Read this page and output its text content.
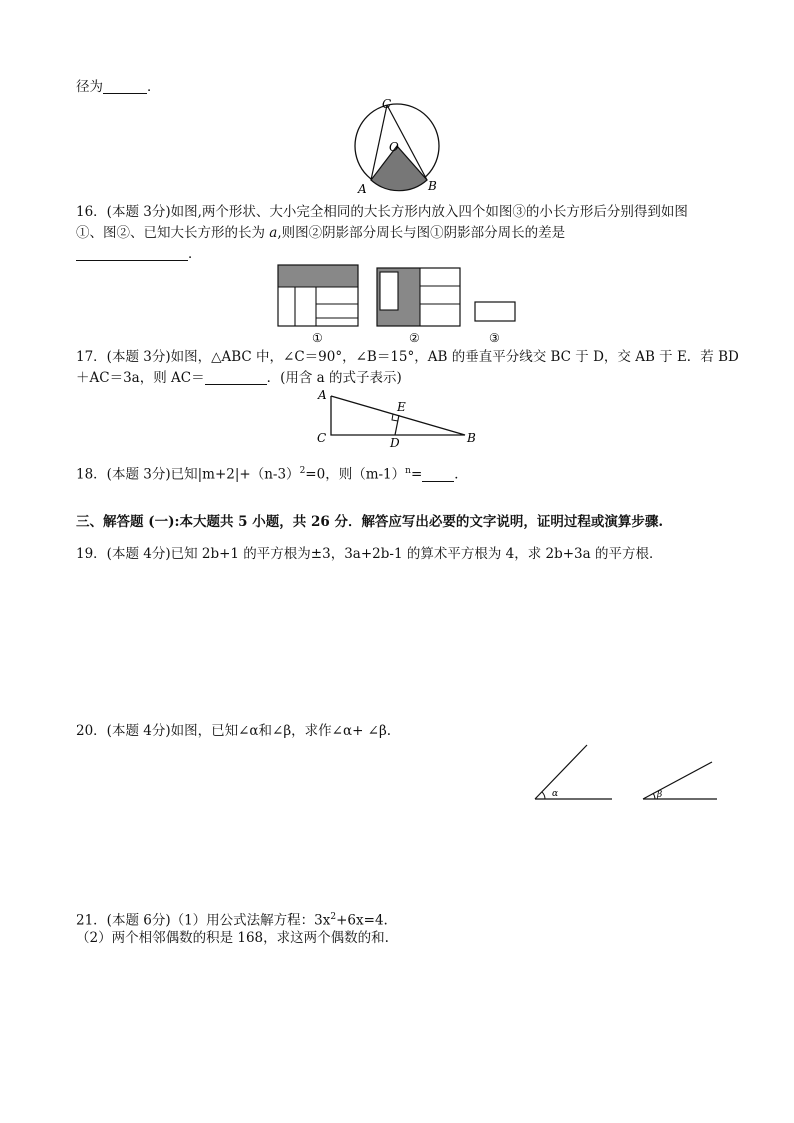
径为	．
C
O
A	B
16．(本题 3分)如图,两个形状、大小完全相同的大长方形内放入四个如图③的小长方形后分别得到如图
①、图②、已知大长方形的长为 a,则图②阴影部分周长与图①阴影部分周长的差是
．
①	②	③
17．(本题 3分)如图，△ABC 中，∠C＝90°，∠B＝15°，AB 的垂直平分线交 BC 于 D，交 AB 于 E．若 BD
＋AC＝3a，则 AC＝	．(用含 a 的式子表示)
A
E
C	D	B
18．(本题 3分)已知$|m+2|+(n-3)^2=0$，则$(m-1)^n=$ ．
三、解答题 (一):本大题共 5 小题，共 26 分．解答应写出必要的文字说明，证明过程或演算步骤.
19．(本题 4分)已知 2b+1 的平方根为±3，3a+2b-1 的算术平方根为 4，求 2b+3a 的平方根．
20．(本题 4分)如图，已知∠α和∠β，求作∠α+ ∠β.
α	β
21．(本题 6分)（1）用公式法解方程：$3x^2+6x=4$.
（2）两个相邻偶数的积是 168，求这两个偶数的和.
